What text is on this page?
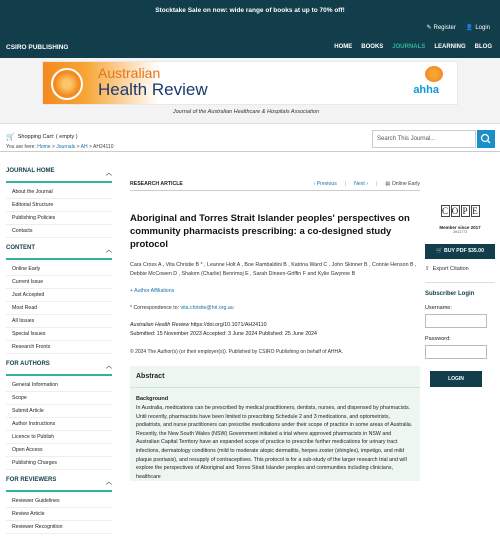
Stocktake Sale on now: wide range of books at up to 70% off!
✎ Register 👤 Login
CSIRO PUBLISHING	HOME BOOKS JOURNALS LEARNING BLOG
Australian
Health Review	ahha
Journal of the Australian Healthcare & Hospitals Association
🛒 Shopping Cart: ( empty )	Search This Journal...
You are here: Home > Journals > AH > AH24110
JOURNAL HOME	︿
About the Journal
Editorial Structure
Publishing Policies
Contacts
CONTENT	︿
Online Early
Current Issue
Just Accepted
Most Read
All Issues
Special Issues
Research Fronts
FOR AUTHORS	︿
General Information
Scope
Submit Article
Author Instructions
Licence to Publish
Open Access
Publishing Charges
FOR REVIEWERS	︿
Reviewer Guidelines
Review Article
Reviewer Recognition
RESEARCH ARTICLE	‹ Previous | Next › | ▤ Online Early
Aboriginal and Torres Strait Islander peoples' perspectives on community pharmacists prescribing: a co-designed study protocol
Cara Cross A , Vita Christie B * , Leanne Holt A , Boe Rambaldini B , Katrina Ward C , John Skinner B , Connie Henson B , Debbie McCowen D , Shalom (Charlie) Benrimoj E , Sarah Dineen-Griffin F and Kylie Gwynne B
+ Author Affiliations
* Correspondence to: vita.christie@hri.org.au
Australian Health Review https://doi.org/10.1071/AH24110
Submitted: 15 November 2023 Accepted: 3 June 2024 Published: 25 June 2024
© 2024 The Author(s) (or their employer(s)). Published by CSIRO Publishing on behalf of AHHA.
Abstract
Background

In Australia, medications can be prescribed by medical practitioners, dentists, nurses, and dispensed by pharmacists. Until recently, pharmacists have been limited to prescribing Schedule 2 and 3 medications, and optometrists, podiatrists, and nurse practitioners can prescribe medications under their scope of practice in some areas of Australia. Recently, the New South Wales (NSW) Government initiated a trial where approved pharmacists in NSW and Australian Capital Territory have an expanded scope of practice to prescribe further medications for urinary tract infections, dermatology conditions (mild to moderate atopic dermatitis, herpes zoster (shingles), impetigo, and mild plaque psoriasis), and resupply of contraceptives. This protocol is for a sub-study of the larger research trial and will explore the perspectives of Aboriginal and Torres Strait Islander peoples and communities including clinicians, healthcare

C O P E
Member since 2017
JM12773
🛒 BUY PDF $35.00
⇪ Export Citation
Subscriber Login
Username:
Password:
LOGIN
